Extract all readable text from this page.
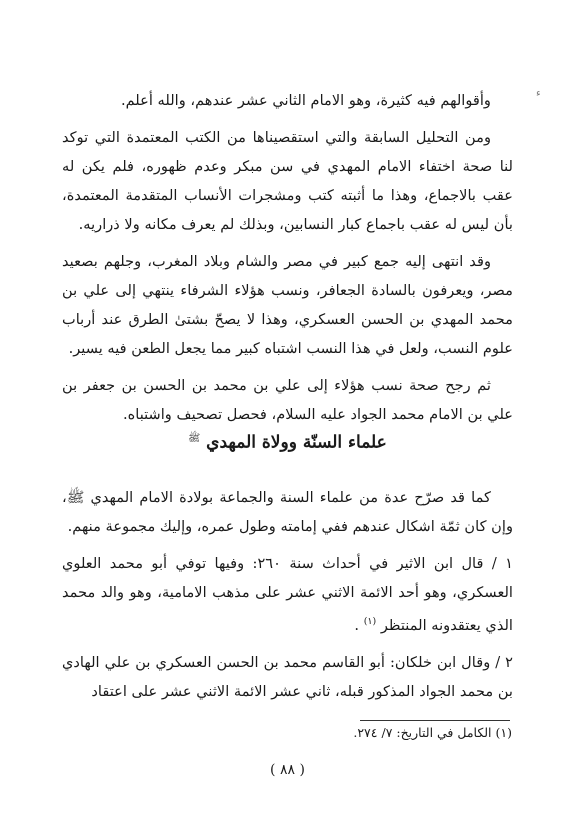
ء

وأقوالهم فيه كثيرة، وهو الامام الثاني عشر عندهم، والله أعلم.

ومن التحليل السابقة والتي استقصيناها من الكتب المعتمدة التي توكد لنا صحة اختفاء الامام المهدي في سن مبكر وعدم ظهوره، فلم يكن له عقب بالاجماع، وهذا ما أثبته كتب ومشجرات الأنساب المتقدمة المعتمدة، بأن ليس له عقب باجماع كبار النسابين، وبذلك لم يعرف مكانه ولا ذراريه.

وقد انتهى إليه جمع كبير في مصر والشام وبلاد المغرب، وجلهم بصعيد مصر، ويعرفون بالسادة الجعافر، ونسب هؤلاء الشرفاء ينتهي إلى علي بن محمد المهدي بن الحسن العسكري، وهذا لا يصحّ بشتىٰ الطرق عند أرباب علوم النسب، ولعل في هذا النسب اشتباه كبير مما يجعل الطعن فيه يسير.

ثم رجح صحة نسب هؤلاء إلى علي بن محمد بن الحسن بن جعفر بن علي بن الامام محمد الجواد عليه السلام، فحصل تصحيف واشتباه.

علماء السنّة وولاة المهدي $^ﷺ$

كما قد صرّح عدة من علماء السنة والجماعة بولادة الامام المهدي ﷺ، وإن كان ثمّة اشكال عندهم ففي إمامته وطول عمره، وإليك مجموعة منهم.

١ / قال ابن الاثير في أحداث سنة ٢٦٠: وفيها توفي أبو محمد العلوي العسكري، وهو أحد الائمة الاثني عشر على مذهب الامامية، وهو والد محمد الذي يعتقدونه المنتظر $^{(١)}$ .

٢ / وقال ابن خلكان: أبو القاسم محمد بن الحسن العسكري بن علي الهادي بن محمد الجواد المذكور قبله، ثاني عشر الائمة الاثني عشر على اعتقاد

(١) الكامل في التاريخ: ٧/ ٢٧٤.
( ٨٨ )
